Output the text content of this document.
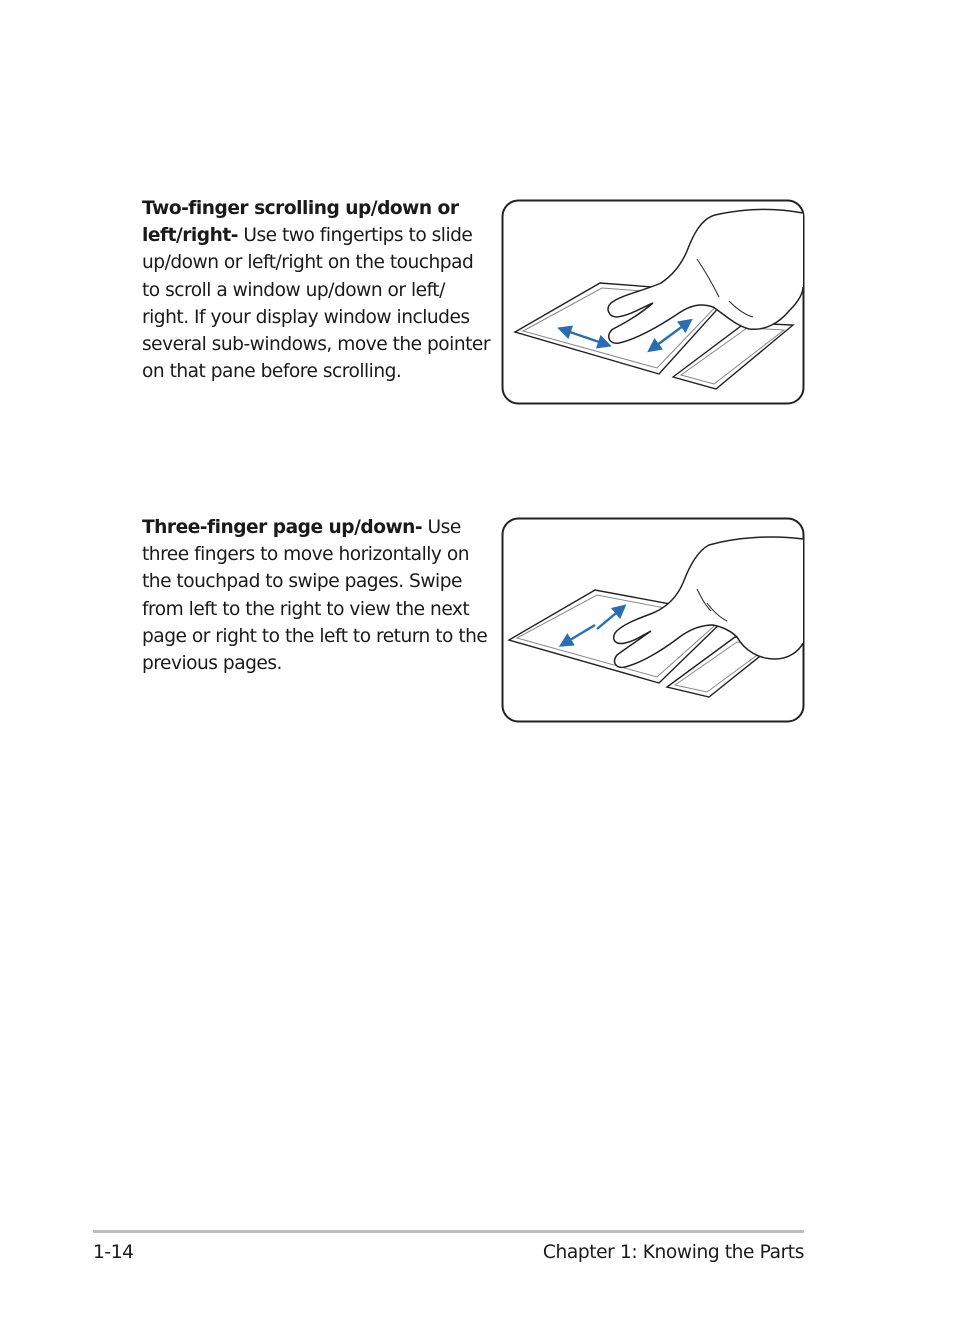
Two-finger scrolling up/down or left/right- Use two fingertips to slide up/down or left/right on the touchpad to scroll a window up/down or left/ right. If your display window includes several sub-windows, move the pointer on that pane before scrolling.
Three-finger page up/down- Use three fingers to move horizontally on the touchpad to swipe pages. Swipe from left to the right to view the next page or right to the left to return to the previous pages.
1-14	Chapter 1: Knowing the Parts
